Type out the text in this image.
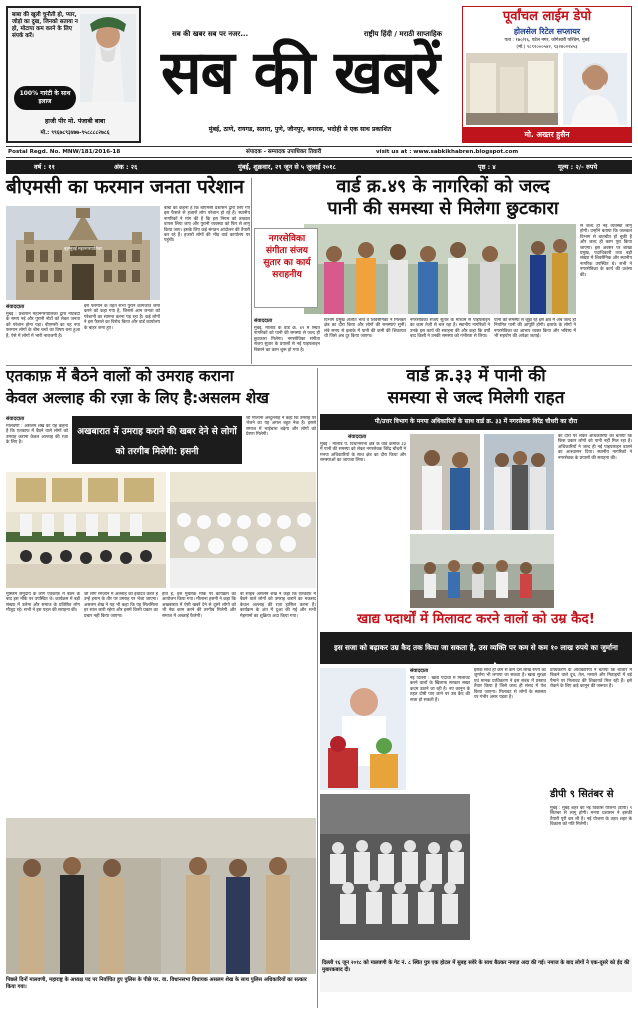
बाबा की खुली चुनौती हो, प्यार, जोड़ो का दुख, जिनको सताया न हो, मोटापा कम करने के लिए संपर्क करें।
100% गारंटी के साथ इलाज
हाजी पीर मो. पंजाबी बाबा
मो.: ९९६७८९३४७७-९५८८८८२७८६
सब की खबर सब पर नजर...	राष्ट्रीय हिंदी / मराठी साप्ताहिक
सब की खबरें
मुंबई, ठाणे, रायगड, सतारा, पुणे, जौनपुर, बनारस, भदोही से एक साथ प्रकाशित
पूर्वांचल लाईम डेपो
होलसेल रिटेल सप्लायर
पता : १७०/१६, पटेल नगर, जोगेश्वरी पश्चिम, मुंबई
(मो.) ९८९२०००५४२, ९३२४०२२४५३
मो. अख्तर हुसैन
Postal Regd. No. MNW/181/2016-18	संपादक - सम्पादक उपाधिकर तिवारी	visit us at : www.sabkikhabren.blogspot.com
वर्ष : ११	अंक : २६	मुंबई, शुक्रवार, २९ जून से ५ जुलाई २०१८	पृष्ठ : ४	मूल्य : २/- रुपये
बीएमसी का फरमान जनता परेशान
बृहन्मुंबई महानगरपालिका
बाबा का कहना है कि बीएमसी प्रशासन द्वारा लिए गए इस फैसले से हजारों लोग परेशान हो रहे हैं। स्थानीय नागरिकों ने मांग की है कि इस नियम को तत्काल वापस लिया जाए और पुरानी व्यवस्था को फिर से लागू किया जाए। इसके लिए कई संगठन आंदोलन की तैयारी कर रहे हैं। हजारों लोगों की भीड़ वार्ड कार्यालय पर पहुंची।
संवाददाता
मुंबई : प्रशासन महानगरपालिका द्वारा नोटबंदी के समय नई और पुरानी नोटों को लेकर जनता को परेशान होना पड़ा। बीएमसी का यह नया फरमान लोगों के बीच चर्चा का विषय बना हुआ है, ऐसे में लोगों में भारी नाराजगी है।
इस फरमान के तहत सभी पुराने कागजात जमा करने को कहा गया है, जिससे आम जनता को परेशानी का सामना करना पड़ रहा है। कई लोगों ने इस फैसले का विरोध किया और वार्ड कार्यालय के बाहर जमा हुए।
वार्ड क्र.४९ के नागरिकों को जल्द
पानी की समस्या से मिलेगा छुटकारा
नगरसेविका संगीता संजय सुतार का कार्य सराहनीय
से जल्द ही नई व्यवस्था लागू होगी। उन्होंने बताया कि जलकल विभाग से बातचीत हो चुकी है और जल्द ही काम पूरा किया जाएगा। इस अवसर पर शाखा प्रमुख, पदाधिकारी तथा बड़ी संख्या में शिवसैनिक और स्थानीय नागरिक उपस्थित थे। सभी ने नगरसेविका के कार्य की प्रशंसा की।
संवाददाता
मुंबई, मालाड के वार्ड क्र. ४९ में स्थित नागरिकों को पानी की समस्या से जल्द ही छुटकारा मिलेगा। नगरसेविका संगीता संजय सुतार के प्रयासों से नई पाइपलाइन बिछाने का काम शुरू हो गया है।
विभाग प्रमुख अजीत भावे व शिवसैनिकों ने मिलकर क्षेत्र का दौरा किया और लोगों की समस्याएं सुनीं। लंबे समय से इलाके में पानी की कमी की शिकायत थी जिसे अब दूर किया जाएगा।
नगरसेविका संजय सुतार के माध्यम से पाइपलाइन का काम तेजी से चल रहा है। स्थानीय नागरिकों ने उनके इस कार्य की सराहना की और कहा कि वर्षों बाद किसी ने उनकी समस्या को गंभीरता से लिया।
पानी की समस्या से जूझ रहे इस क्षेत्र में अब जल्द ही नियमित पानी की आपूर्ति होगी। इलाके के लोगों ने नगरसेविका का आभार व्यक्त किया और भविष्य में भी सहयोग की अपेक्षा जताई।
एतकाफ़ में बैठने वालों को उमराह कराना
केवल अल्लाह की रज़ा के लिए है:असलम शेख
संवाददाता
मालवणी : असलम शेख का यह कहना है कि एतकाफ़ में बैठने वाले लोगों को उमराह कराना केवल अल्लाह की रज़ा के लिए है।
अखबारात में उमराह कराने की खबर देने से लोगों को तरगीब मिलेगी: हसनी
जो मौलाना अब्दुल्लाह ने कहा कि उमराह पर भेजने का यह अमल बहुत नेक है। इससे समाज में भाईचारा बढ़ेगा और लोगों को प्रेरणा मिलेगी।
मुस्लिम समुदाय के लोग एतकाफ़ में बैठने के बाद इस मौके पर उपस्थित थे। कार्यक्रम में बड़ी संख्या में उलेमा और समाज के प्रतिष्ठित लोग मौजूद रहे। सभी ने इस पहल की सराहना की।
जो लोग रमज़ान में अल्लाह की इबादत करते हैं उन्हें इनाम के तौर पर उमराह पर भेजा जाएगा। असलम शेख ने यह भी कहा कि यह सिलसिला हर साल जारी रहेगा और इसमें किसी प्रकार का प्रचार नहीं किया जाएगा।
होते हैं, इस मुबारक मौके पर कार्यक्रम का आयोजन किया गया। मौलाना हसनी ने कहा कि अखबारात में ऐसी खबरें देने से दूसरे लोगों को भी नेक काम करने की तरगीब मिलेगी और समाज में अच्छाई फैलेगी।
बी साहब असलम शेख ने कहा कि एतकाफ़ में बैठने वाले लोगों को उमराह कराने का मकसद केवल अल्लाह की रज़ा हासिल करना है। कार्यक्रम के अंत में दुआ की गई और सभी मेहमानों का शुक्रिया अदा किया गया।
वार्ड क्र.३३ में पानी की
समस्या से जल्द मिलेगी राहत
पी/उत्तर विभाग के मनपा अधिकारियों के साथ वार्ड क्र. ३३ में नगरसेवक विरेंद्र चौधरी का दौरा
संवाददाता
मुंबई : मालाड प. विधानसभा क्षेत्र के वार्ड क्रमांक ३३ में पानी की समस्या को लेकर नगरसेवक विरेंद्र चौधरी ने मनपा अधिकारियों के साथ क्षेत्र का दौरा किया और समस्याओं का जायजा लिया।
को दौरा पर लेकर अधिकारियों को बताया कि किस प्रकार लोगों को पानी नहीं मिल रहा है। अधिकारियों ने जल्द ही नई पाइपलाइन डालने का आश्वासन दिया। स्थानीय नागरिकों ने नगरसेवक के प्रयासों की सराहना की।
खाद्य पदार्थों में मिलावट करने वालों को उम्र कैद!
इस सजा को बढ़ाकर उम्र कैद तक किया जा सकता है, उस व्यक्ति पर कम से कम १० लाख रुपये का जुर्माना लगाया सकता है
संवाददाता
नई दिल्ली : खाद्य पदार्थों में मिलावट करने वालों के खिलाफ सरकार सख्त कदम उठाने जा रही है। नए कानून के तहत दोषी पाए जाने पर उम्र कैद की सजा हो सकती है।
इसके साथ ही कम से कम दस लाख रुपये का जुर्माना भी लगाया जा सकता है। खाद्य सुरक्षा एवं मानक प्राधिकरण ने इस संबंध में प्रस्ताव तैयार किया है जिसे जल्द ही संसद में पेश किया जाएगा। मिलावट से लोगों के स्वास्थ्य पर गंभीर असर पड़ता है।
प्राधिकरण के अधिकारियों ने बताया कि बाजार में बिकने वाले दूध, तेल, मसाले और मिठाइयों में बड़े पैमाने पर मिलावट की शिकायतें मिल रही हैं। इसे रोकने के लिए कड़े कानून की जरूरत है।
दिल्ली १६ जून २०१८ को मालवणी के गेट नं. ८ स्थित पुत्र एक होटल में सुबह सवेरे के साथ बैठकर नमाज़ अदा की गई। नमाज के बाद लोगों ने एक-दूसरे को ईद की मुबारकबाद दी।
डीपी ९ सितंबर से
मुंबई : मुंबई शहर की नई विकास योजना (डीपी) ९ सितंबर से लागू होगी। मनपा प्रशासन ने इसकी तैयारी पूरी कर ली है। नई योजना के तहत शहर के विकास को गति मिलेगी।
पिछले दिनों मालवणी, महाराष्ट्र के अध्यक्ष पद पर निर्वाचित हुए पुलिस के पीछे पर. वा. विधानसभा विधायक असलम शेख के साथ पुलिस अधिकारियों का सत्कार किया गया।
